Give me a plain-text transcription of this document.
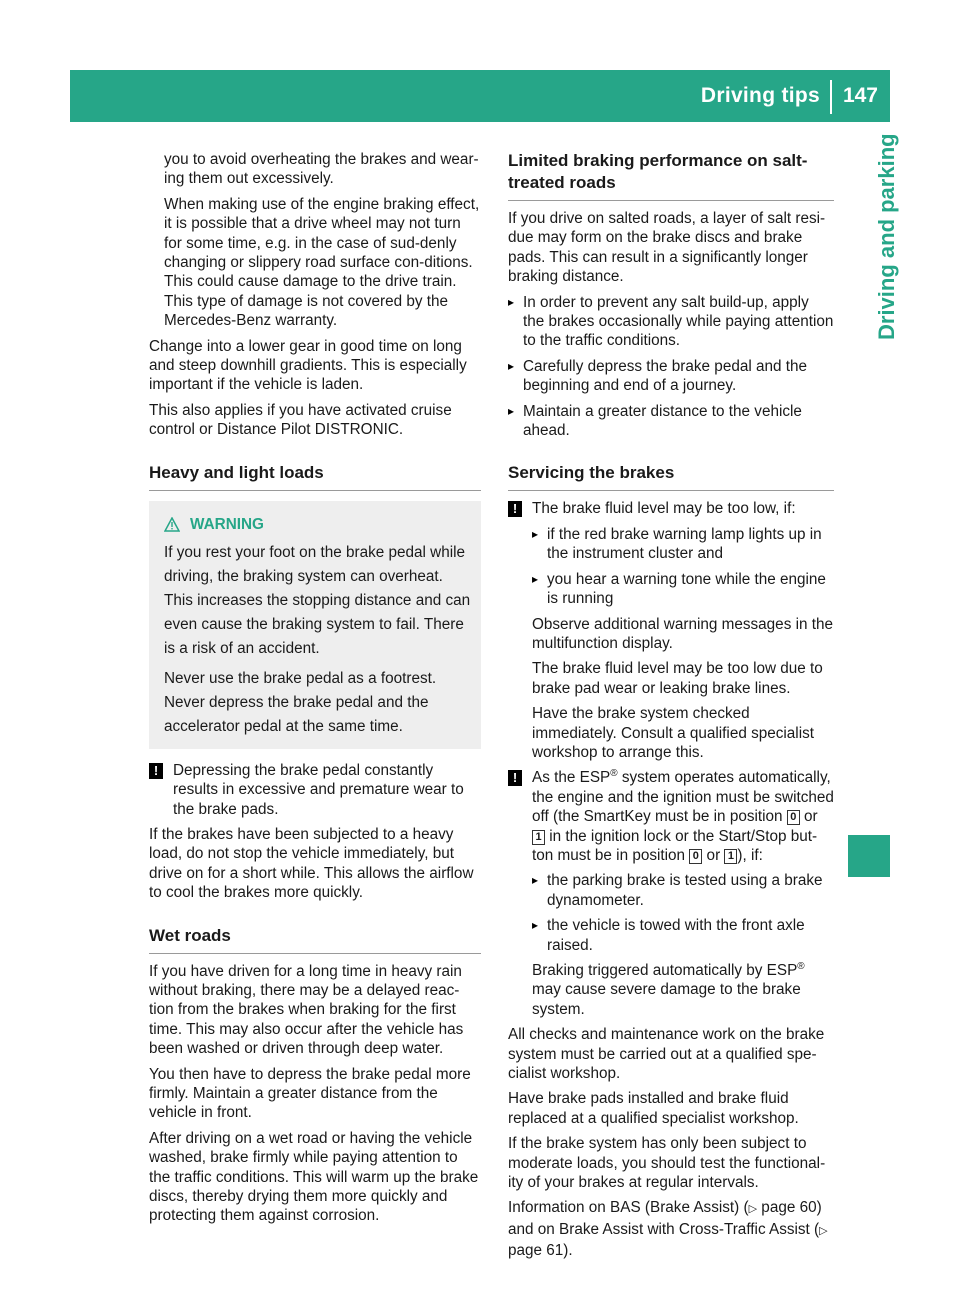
Driving tips 147
Driving and parking

you to avoid overheating the brakes and wear-ing them out excessively.

When making use of the engine braking effect, it is possible that a drive wheel may not turn for some time, e.g. in the case of sud-denly changing or slippery road surface con-ditions. This could cause damage to the drive train. This type of damage is not covered by the Mercedes-Benz warranty.

Change into a lower gear in good time on long and steep downhill gradients. This is especially important if the vehicle is laden.

This also applies if you have activated cruise control or Distance Pilot DISTRONIC.

Heavy and light loads
WARNING

If you rest your foot on the brake pedal while driving, the braking system can overheat. This increases the stopping distance and can even cause the braking system to fail. There is a risk of an accident.

Never use the brake pedal as a footrest. Never depress the brake pedal and the accelerator pedal at the same time.

! Depressing the brake pedal constantly results in excessive and premature wear to the brake pads.

If the brakes have been subjected to a heavy load, do not stop the vehicle immediately, but drive on for a short while. This allows the airflow to cool the brakes more quickly.

Wet roads

If you have driven for a long time in heavy rain without braking, there may be a delayed reac-tion from the brakes when braking for the first time. This may also occur after the vehicle has been washed or driven through deep water.

You then have to depress the brake pedal more firmly. Maintain a greater distance from the vehicle in front.

After driving on a wet road or having the vehicle washed, brake firmly while paying attention to the traffic conditions. This will warm up the brake discs, thereby drying them more quickly and protecting them against corrosion.

Limited braking performance on salt-treated roads

If you drive on salted roads, a layer of salt resi-due may form on the brake discs and brake pads. This can result in a significantly longer braking distance.

▸ In order to prevent any salt build-up, apply the brakes occasionally while paying attention to the traffic conditions.
▸ Carefully depress the brake pedal and the beginning and end of a journey.
▸ Maintain a greater distance to the vehicle ahead.
Servicing the brakes
! The brake fluid level may be too low, if:

▸ if the red brake warning lamp lights up in the instrument cluster and
▸ you hear a warning tone while the engine is running

Observe additional warning messages in the multifunction display.

The brake fluid level may be too low due to brake pad wear or leaking brake lines.

Have the brake system checked immediately. Consult a qualified specialist workshop to arrange this.

! As the ESP® system operates automatically, the engine and the ignition must be switched off (the SmartKey must be in position 0 or 1 in the ignition lock or the Start/Stop but-ton must be in position 0 or 1 ), if:

▸ the parking brake is tested using a brake dynamometer.
▸ the vehicle is towed with the front axle raised.

Braking triggered automatically by ESP® may cause severe damage to the brake system.

All checks and maintenance work on the brake system must be carried out at a qualified spe-cialist workshop.

Have brake pads installed and brake fluid replaced at a qualified specialist workshop.

If the brake system has only been subject to moderate loads, you should test the functional-ity of your brakes at regular intervals.

Information on BAS (Brake Assist) (▷ page 60) and on Brake Assist with Cross-Traffic Assist (▷ page 61).
